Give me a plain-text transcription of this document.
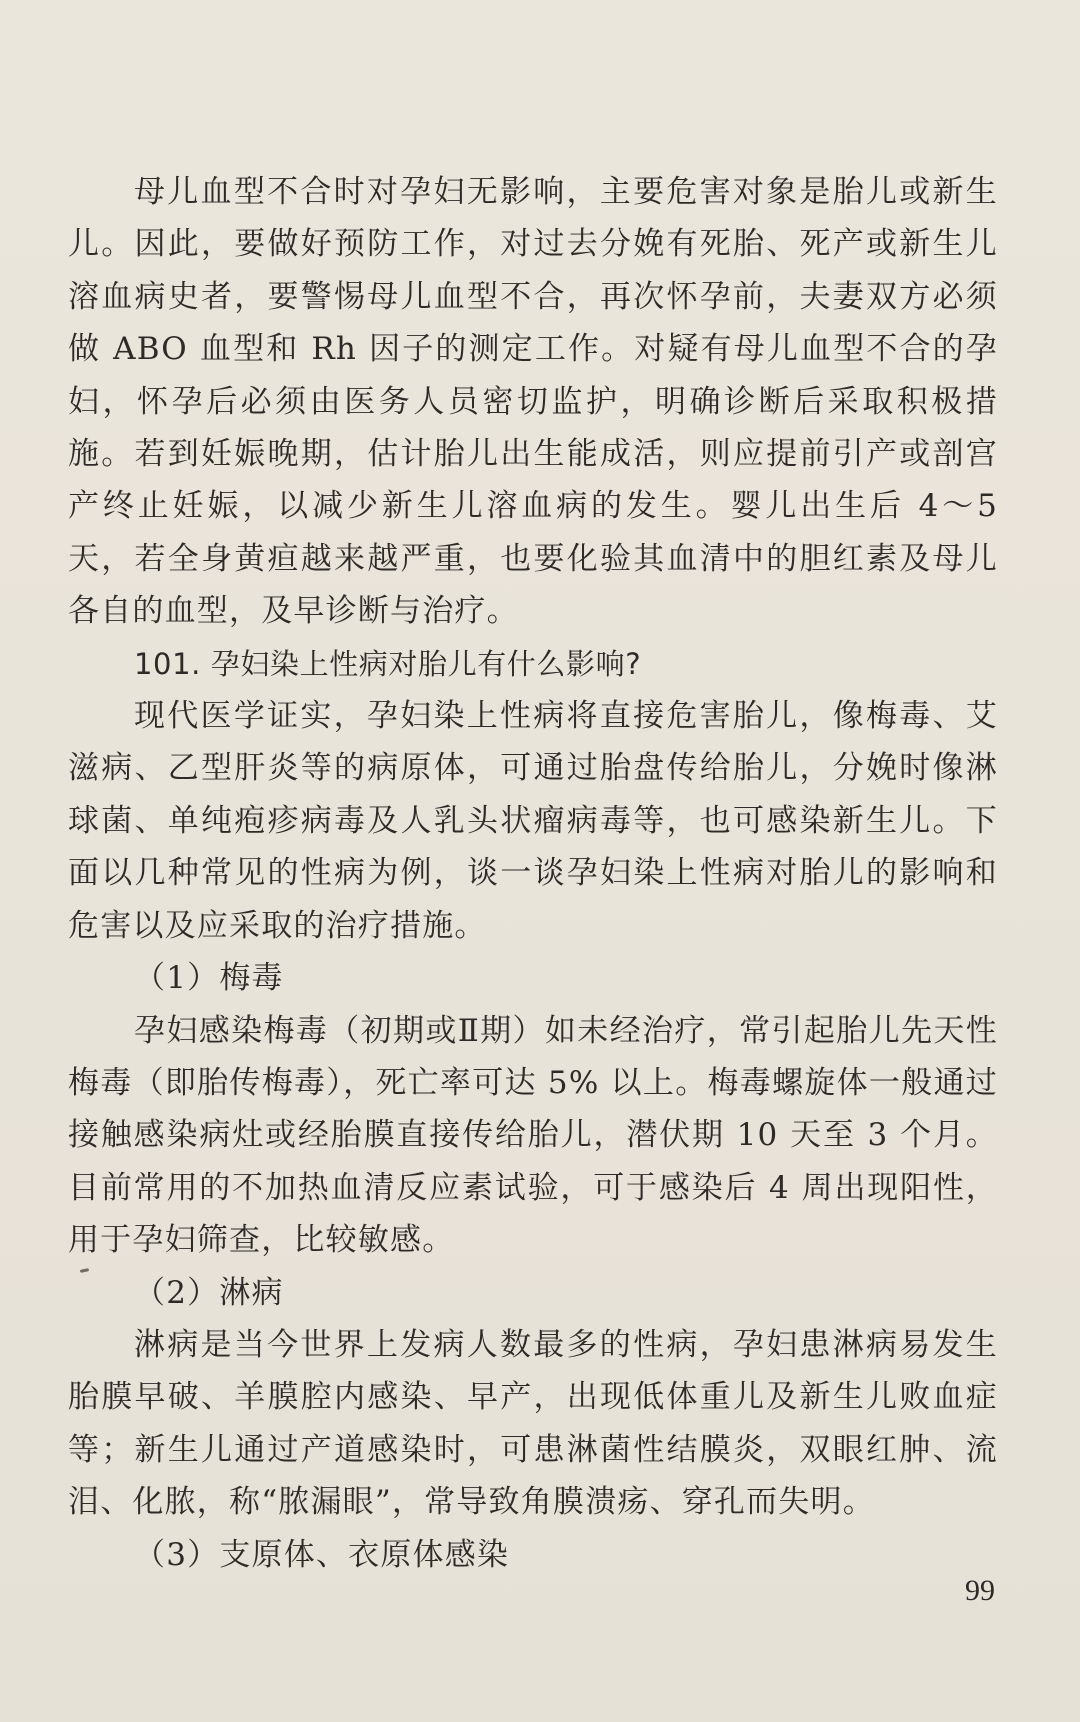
母儿血型不合时对孕妇无影响，主要危害对象是胎儿或新生儿。因此，要做好预防工作，对过去分娩有死胎、死产或新生儿溶血病史者，要警惕母儿血型不合，再次怀孕前，夫妻双方必须做 ABO 血型和 Rh 因子的测定工作。对疑有母儿血型不合的孕妇，怀孕后必须由医务人员密切监护，明确诊断后采取积极措施。若到妊娠晚期，估计胎儿出生能成活，则应提前引产或剖宫产终止妊娠，以减少新生儿溶血病的发生。婴儿出生后 4～5 天，若全身黄疸越来越严重，也要化验其血清中的胆红素及母儿各自的血型，及早诊断与治疗。

101. 孕妇染上性病对胎儿有什么影响?

现代医学证实，孕妇染上性病将直接危害胎儿，像梅毒、艾滋病、乙型肝炎等的病原体，可通过胎盘传给胎儿，分娩时像淋球菌、单纯疱疹病毒及人乳头状瘤病毒等，也可感染新生儿。下面以几种常见的性病为例，谈一谈孕妇染上性病对胎儿的影响和危害以及应采取的治疗措施。

（1）梅毒

孕妇感染梅毒（初期或Ⅱ期）如未经治疗，常引起胎儿先天性梅毒（即胎传梅毒），死亡率可达 5% 以上。梅毒螺旋体一般通过接触感染病灶或经胎膜直接传给胎儿，潜伏期 10 天至 3 个月。目前常用的不加热血清反应素试验，可于感染后 4 周出现阳性，用于孕妇筛查，比较敏感。

（2）淋病

淋病是当今世界上发病人数最多的性病，孕妇患淋病易发生胎膜早破、羊膜腔内感染、早产，出现低体重儿及新生儿败血症等；新生儿通过产道感染时，可患淋菌性结膜炎，双眼红肿、流泪、化脓，称“脓漏眼”，常导致角膜溃疡、穿孔而失明。

（3）支原体、衣原体感染

99
